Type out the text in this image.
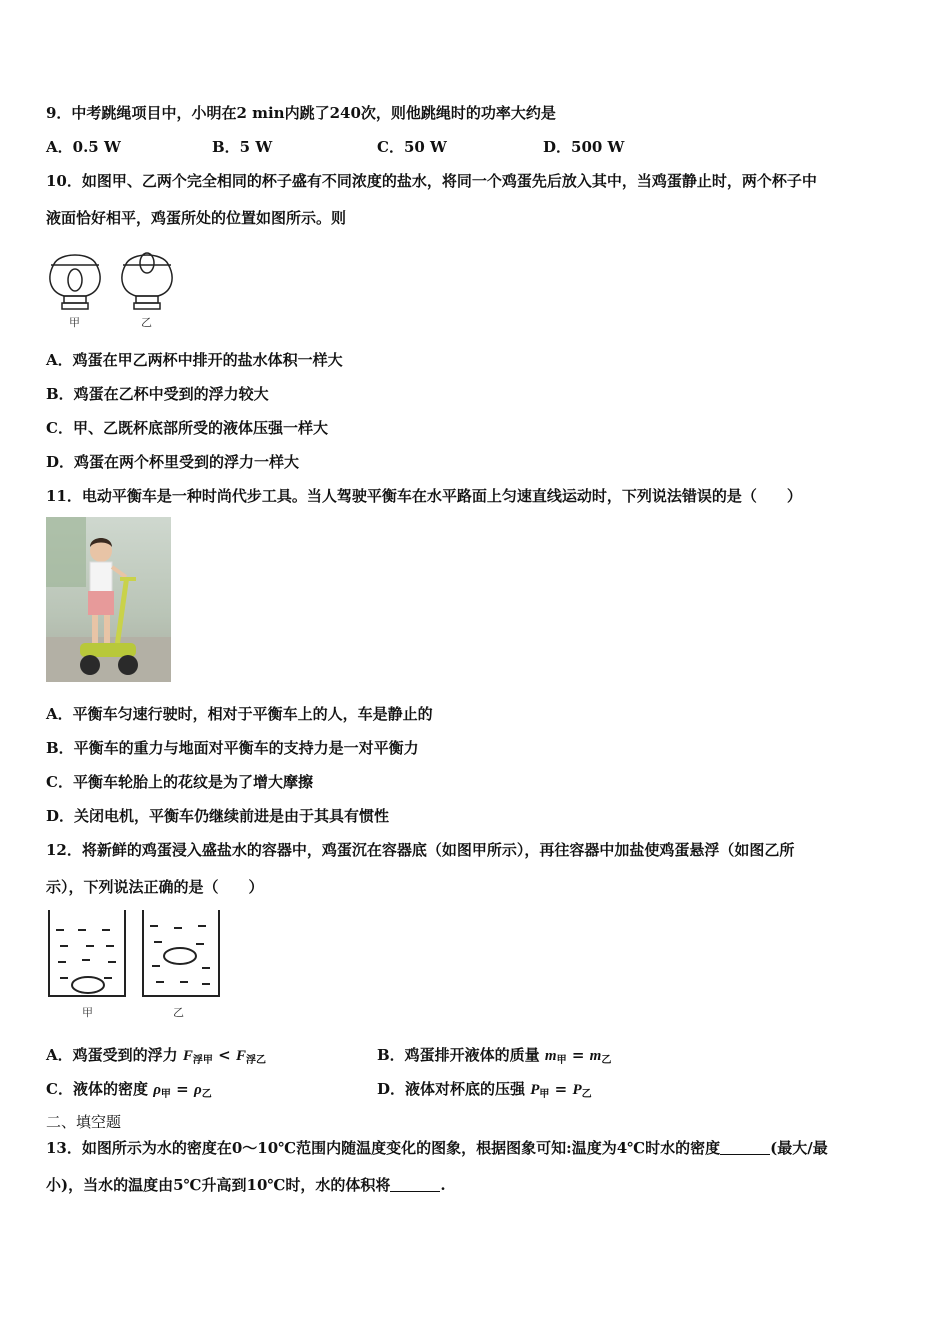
9．中考跳绳项目中，小明在2 min内跳了240次，则他跳绳时的功率大约是
A．0.5 W	B．5 W	C．50 W	D．500 W
10．如图甲、乙两个完全相同的杯子盛有不同浓度的盐水，将同一个鸡蛋先后放入其中，当鸡蛋静止时，两个杯子中
液面恰好相平，鸡蛋所处的位置如图所示。则
甲	乙
A．鸡蛋在甲乙两杯中排开的盐水体积一样大
B．鸡蛋在乙杯中受到的浮力较大
C．甲、乙既杯底部所受的液体压强一样大
D．鸡蛋在两个杯里受到的浮力一样大
11．电动平衡车是一种时尚代步工具。当人驾驶平衡车在水平路面上匀速直线运动时，下列说法错误的是（　　）
A．平衡车匀速行驶时，相对于平衡车上的人，车是静止的
B．平衡车的重力与地面对平衡车的支持力是一对平衡力
C．平衡车轮胎上的花纹是为了增大摩擦
D．关闭电机，平衡车仍继续前进是由于其具有惯性
12．将新鲜的鸡蛋浸入盛盐水的容器中，鸡蛋沉在容器底（如图甲所示），再往容器中加盐使鸡蛋悬浮（如图乙所
示），下列说法正确的是（　　）
甲	乙
A．鸡蛋受到的浮力 $F_{浮甲} < F_{浮乙}$	B．鸡蛋排开液体的质量 $m_甲 = m_乙$
C．液体的密度 $\rho_甲 = \rho_乙$	D．液体对杯底的压强 $P_甲 = P_乙$
二、填空题
13．如图所示为水的密度在0～10℃范围内随温度变化的图象，根据图象可知:温度为4℃时水的密度	(最大/最
小)，当水的温度由5℃升高到10℃时，水的体积将	.
